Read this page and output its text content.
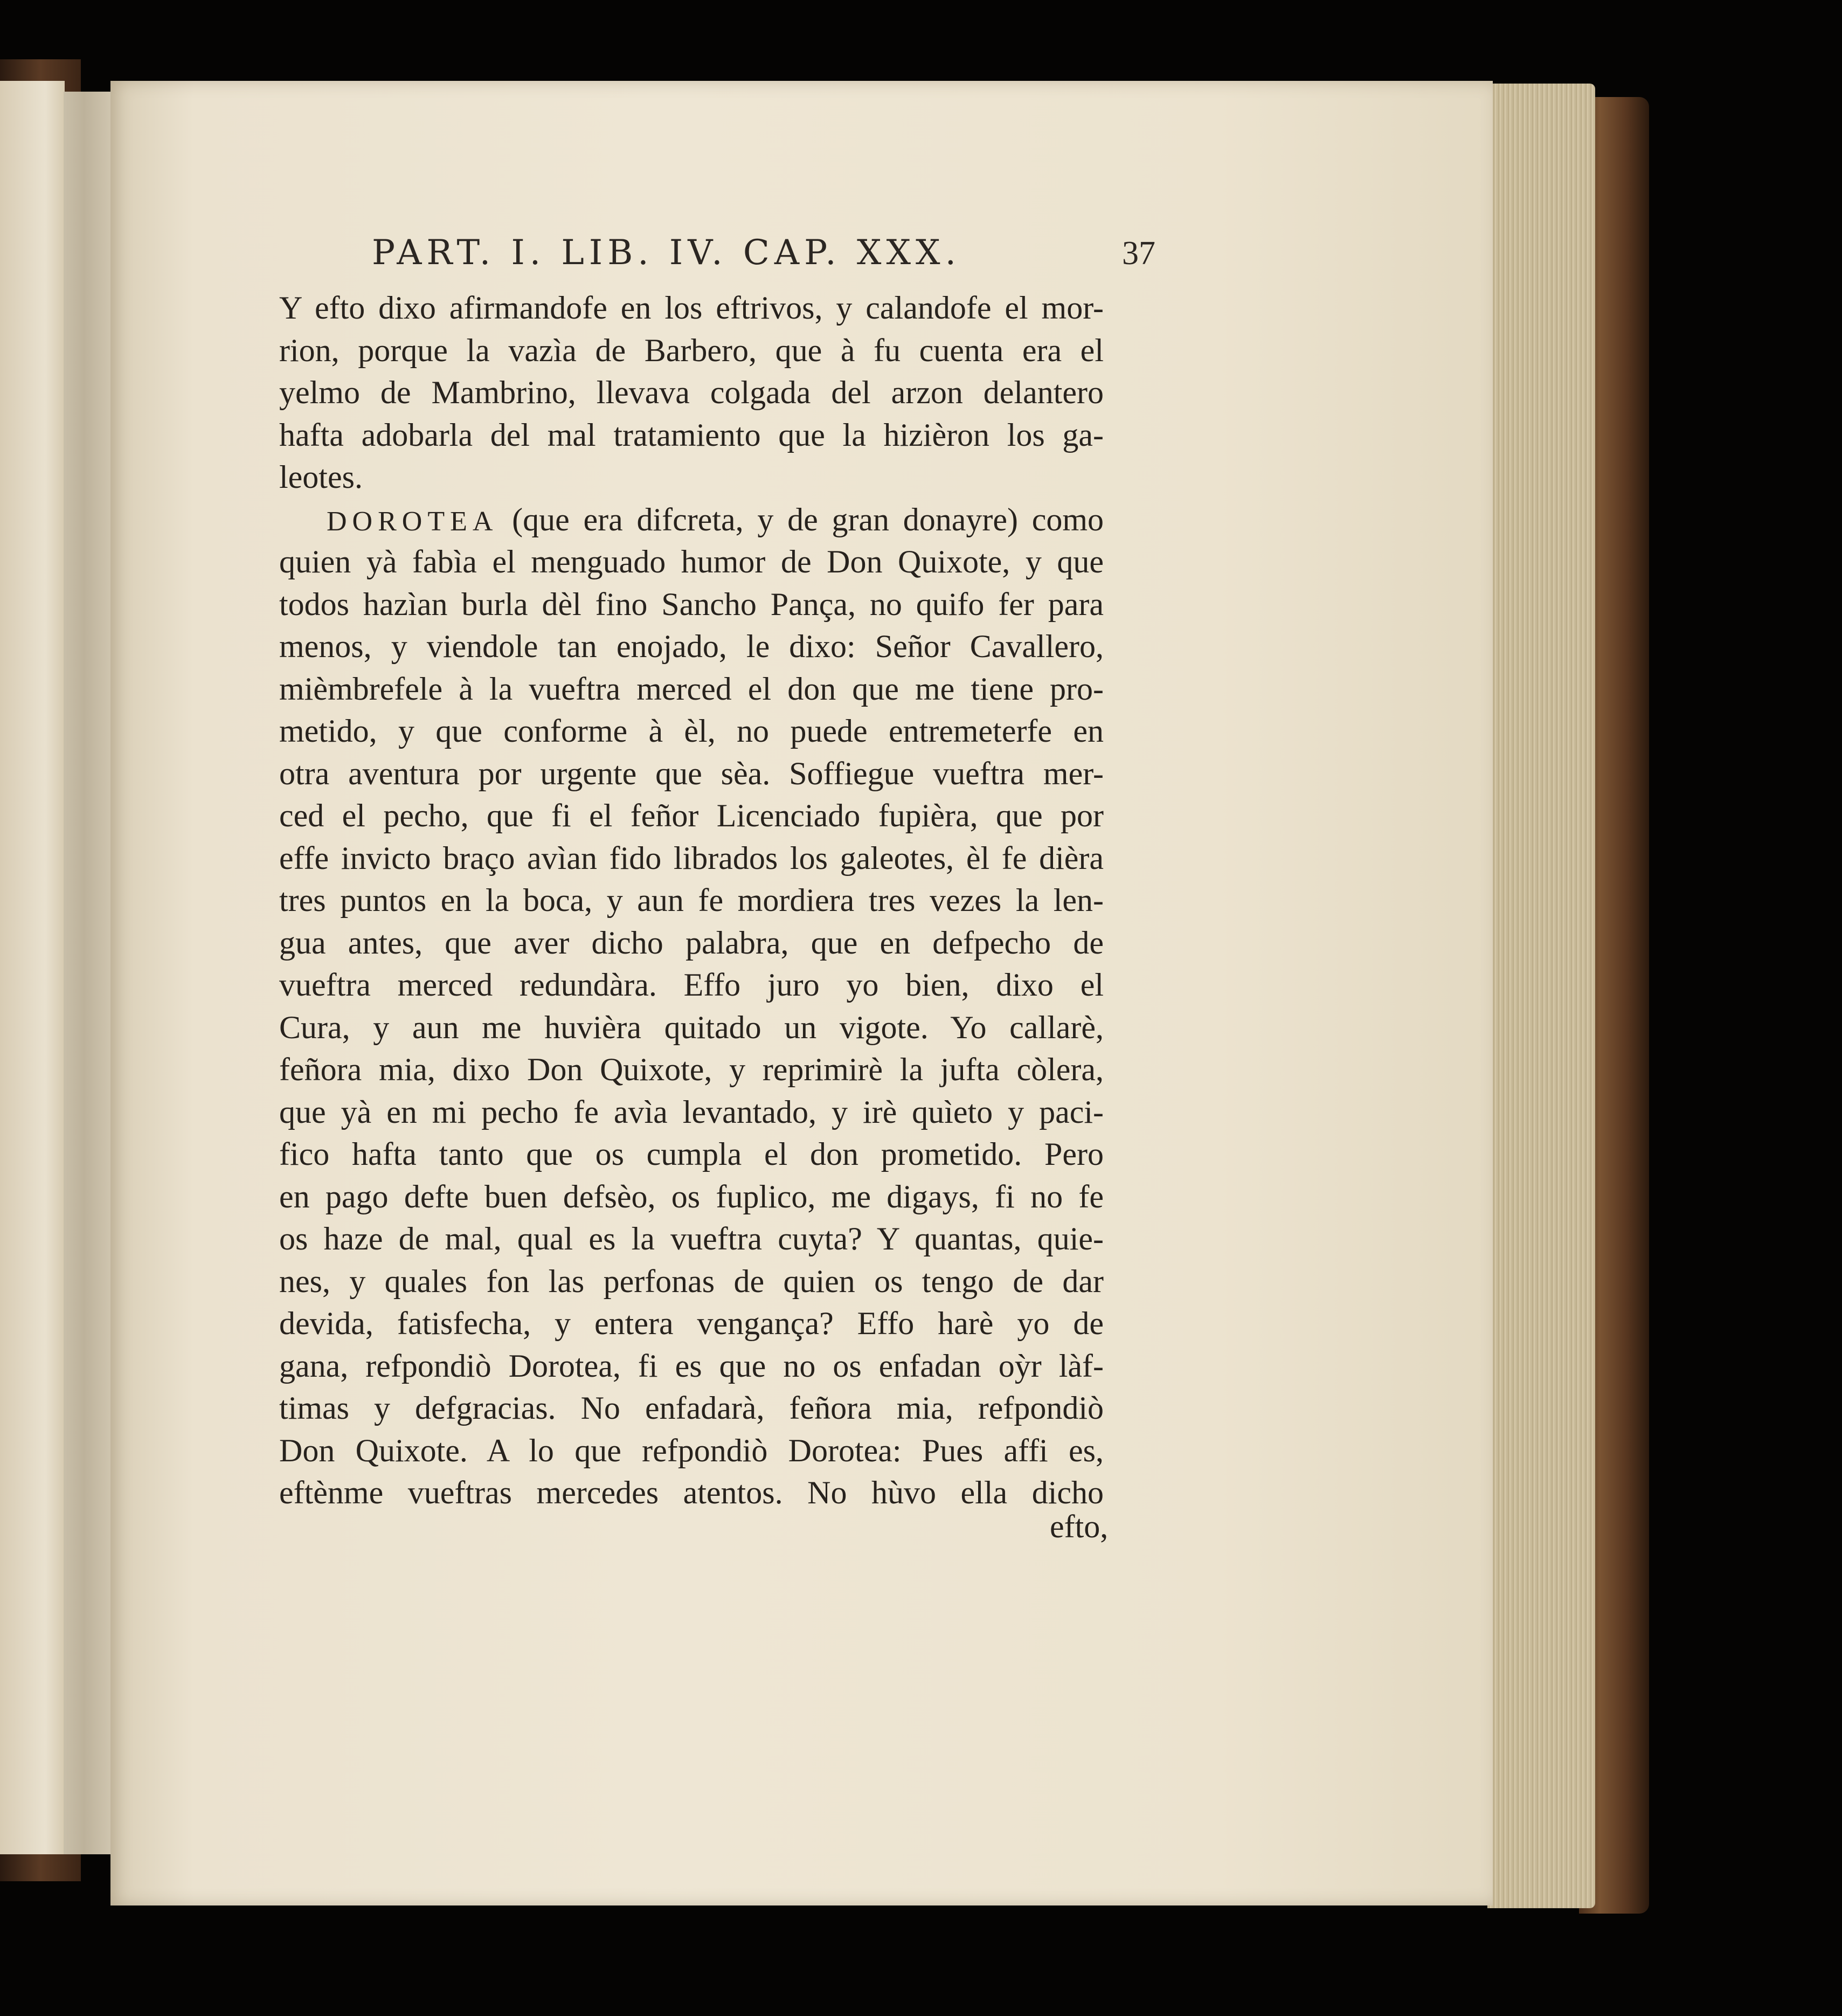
PART. I. LIB. IV. CAP. XXX.	37
Y efto dixo afirmandofe en los eftrivos, y calandofe el mor-
rion, porque la vazìa de Barbero, que à fu cuenta era el
yelmo de Mambrino, llevava colgada del arzon delantero
hafta adobarla del mal tratamiento que la hizièron los ga-
leotes.
DOROTEA (que era difcreta, y de gran donayre) como
quien yà fabìa el menguado humor de Don Quixote, y que
todos hazìan burla dèl fino Sancho Pança, no quifo fer para
menos, y viendole tan enojado, le dixo: Señor Cavallero,
mièmbrefele à la vueftra merced el don que me tiene pro-
metido, y que conforme à èl, no puede entremeterfe en
otra aventura por urgente que sèa. Soffiegue vueftra mer-
ced el pecho, que fi el feñor Licenciado fupièra, que por
effe invicto braço avìan fido librados los galeotes, èl fe dièra
tres puntos en la boca, y aun fe mordiera tres vezes la len-
gua antes, que aver dicho palabra, que en defpecho de
vueftra merced redundàra. Effo juro yo bien, dixo el
Cura, y aun me huvièra quitado un vigote. Yo callarè,
feñora mia, dixo Don Quixote, y reprimirè la jufta còlera,
que yà en mi pecho fe avìa levantado, y irè quìeto y paci-
fico hafta tanto que os cumpla el don prometido. Pero
en pago defte buen defsèo, os fuplico, me digays, fi no fe
os haze de mal, qual es la vueftra cuyta? Y quantas, quie-
nes, y quales fon las perfonas de quien os tengo de dar
devida, fatisfecha, y entera vengança? Effo harè yo de
gana, refpondiò Dorotea, fi es que no os enfadan oỳr làf-
timas y defgracias. No enfadarà, feñora mia, refpondiò
Don Quixote. A lo que refpondiò Dorotea: Pues affi es,
eftènme vueftras mercedes atentos. No hùvo ella dicho
efto,
